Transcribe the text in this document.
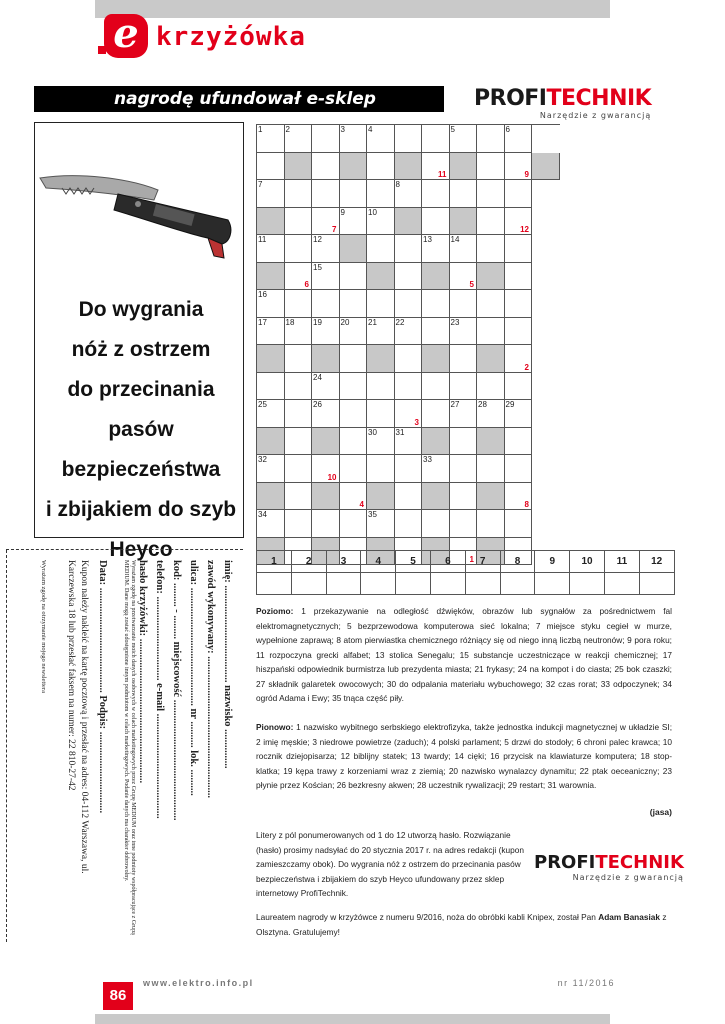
e krzyżówka
nagrodę ufundował e-sklep	PROFITECHNIK
Narzędzie z gwarancją
Do wygrania
nóż z ostrzem
do przecinania pasów
bezpieczeństwa
i zbijakiem do szyb
Heyco
1	2	3	4	5	6
11	9
7	8
7
9	10
12
11	12	13 14
6
15
5
16
17 18 19 20 21 22	23
2
24
25	26
3
27 28 29
30 31
32
10
33
4	8
34	35
1
1	2	3	4	5	6	7	8	9	10	11	12

Poziomo: 1 przekazywanie na odległość dźwięków, obrazów lub sygnałów za pośrednictwem fal elektromagnetycznych; 5 bezprzewodowa komputerowa sieć lokalna; 7 miejsce styku cegieł w murze, wypełnione zaprawą; 8 atom pierwiastka chemicznego różniący się od niego inną liczbą neutronów; 9 pora roku; 11 rozpoczyna grecki alfabet; 13 stolica Senegalu; 15 substancje uczestniczące w reakcji chemicznej; 17 hiszpański odpowiednik burmistrza lub prezydenta miasta; 21 frykasy; 24 na kompot i do ciasta; 25 bok czaszki; 27 składnik galaretek owocowych; 30 do odpalania materiału wybuchowego; 32 czas rorat; 33 odpoczynek; 34 ogród Adama i Ewy; 35 tnąca część piły.
Pionowo: 1 nazwisko wybitnego serbskiego elektrofizyka, także jednostka indukcji magnetycznej w układzie SI; 2 imię męskie; 3 niedrowe powietrze (zaduch); 4 polski parlament; 5 drzwi do stodoły; 6 chroni palec krawca; 10 rocznik dziejopisarza; 12 biblijny statek; 13 twardy; 14 cięki; 16 przycisk na klawiaturze komputera; 18 stop-klatka; 19 kępa trawy z korzeniami wraz z ziemią; 20 nazwisko wynalazcy dynamitu; 22 ptak oeceaniczny; 23 płynie przez Kościan; 26 bezkresny akwen; 28 uczestnik rywalizacji; 29 restart; 31 warownia.
(jasa)
Litery z pól ponumerowanych od 1 do 12 utworzą hasło. Rozwiązanie (hasło) prosimy nadsyłać do 20 stycznia 2017 r. na adres redakcji (kupon zamieszczamy obok). Do wygrania nóż z ostrzem do przecinania pasów bezpieczeństwa i zbijakiem do szyb Heyco ufundowany przez sklep internetowy ProfiTechnik.
PROFITECHNIK
Narzędzie z gwarancją
Laureatem nagrody w krzyżówce z numeru 9/2016, noża do obróbki kabli Knipex, został Pan Adam Banasiak z Olsztyna. Gratulujemy!
imię: ..................................... nazwisko ...............
zawód wykonywany: ......................................................
ulica: ............................................. nr .......... lok. ..........
kod: ......... - ......... miejscowość ..............................................
telefon: ................................ e-mail ........................................
hasło krzyżówki: .......................................................
Data: ........................................ Podpis: ...............................	Wyrażam zgodę na przetwarzanie moich danych osobowych w celach marketingowych przez Grupę MEDIUM oraz inne podmioty współpracujące z Grupą MEDIUM. Dane mogą zostać udostępnione innym podmiotom w celach marketingowych. Podanie danych ma charakter dobrowolny.
Kupon należy nakleić na kartę pocztową i przesłać na adres: 04-112 Warszawa, ul. Karczewska 18 lub przesłać faksem na numer: 22 810-27-42
Wyrażam zgodę na otrzymanie mojego newslettera
86
www.elektro.info.pl	nr 11/2016
